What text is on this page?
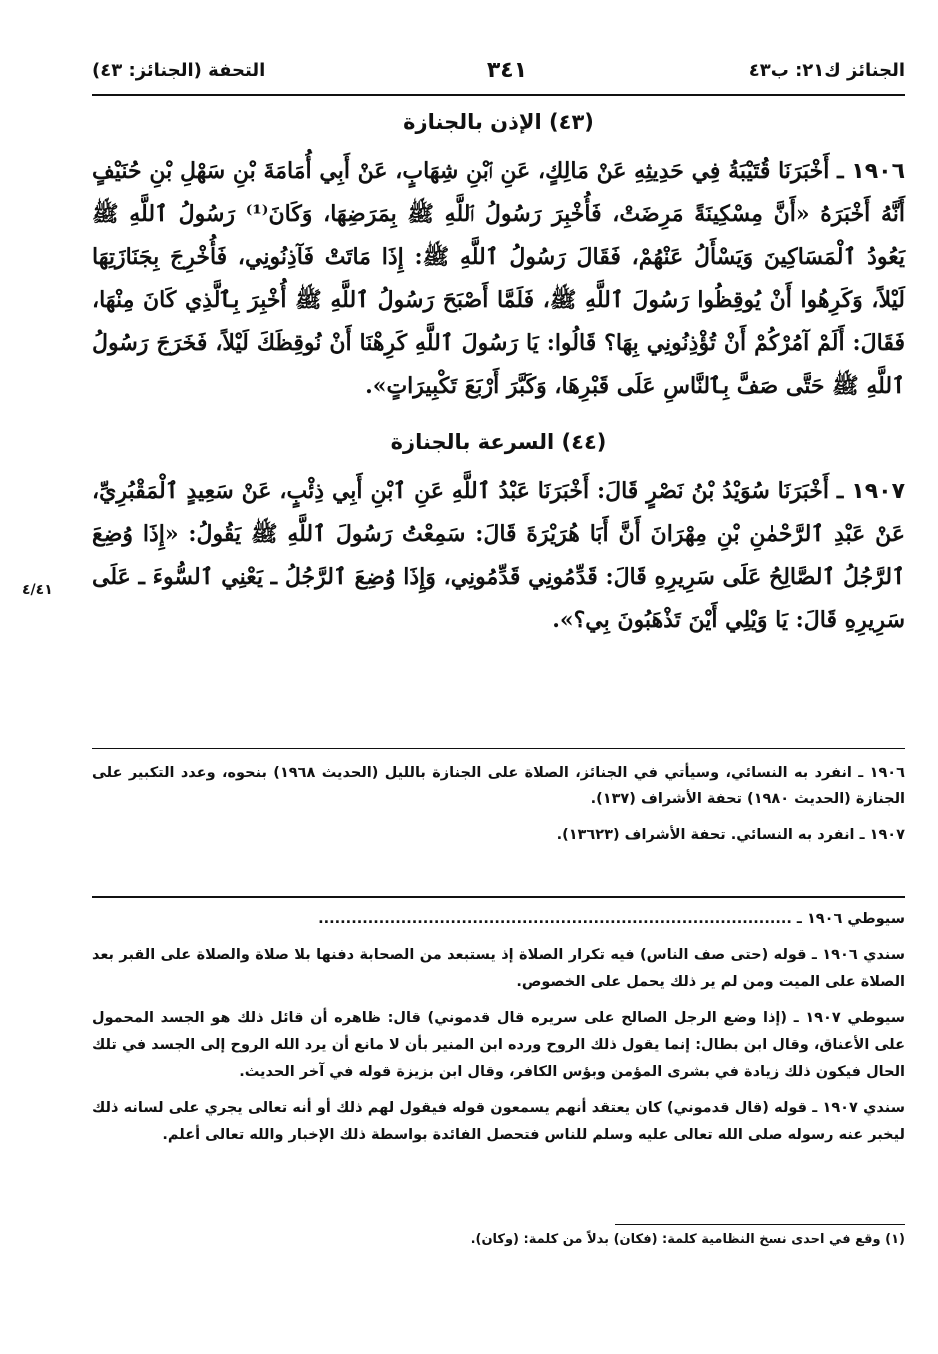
الجنائز ك٢١: ب٤٣
٣٤١
التحفة (الجنائز: ٤٣)
(٤٣) الإذن بالجنازة

١٩٠٦ ـ أَخْبَرَنَا قُتَيْبَةُ فِي حَدِيثِهِ عَنْ مَالِكٍ، عَنِ ٱبْنِ شِهَابٍ، عَنْ أَبِي أُمَامَةَ بْنِ سَهْلِ بْنِ حُنَيْفٍ أَنَّهُ أَخْبَرَهُ «أَنَّ مِسْكِينَةً مَرِضَتْ، فَأُخْبِرَ رَسُولُ ٱللَّهِ ﷺ بِمَرَضِهَا، وَكَانَ⁽¹⁾ رَسُولُ ٱللَّهِ ﷺ يَعُودُ ٱلْمَسَاكِينَ وَيَسْأَلُ عَنْهُمْ، فَقَالَ رَسُولُ ٱللَّهِ ﷺ: إِذَا مَاتَتْ فَآذِنُونِي، فَأُخْرِجَ بِجَنَازَتِهَا لَيْلاً، وَكَرِهُوا أَنْ يُوقِظُوا رَسُولَ ٱللَّهِ ﷺ، فَلَمَّا أَصْبَحَ رَسُولُ ٱللَّهِ ﷺ أُخْبِرَ بِٱلَّذِي كَانَ مِنْهَا، فَقَالَ: أَلَمْ آمُرْكُمْ أَنْ تُؤْذِنُونِي بِهَا؟ قَالُوا: يَا رَسُولَ ٱللَّهِ كَرِهْنَا أَنْ نُوقِظَكَ لَيْلاً، فَخَرَجَ رَسُولُ ٱللَّهِ ﷺ حَتَّى صَفَّ بِٱلنَّاسِ عَلَى قَبْرِهَا، وَكَبَّرَ أَرْبَعَ تَكْبِيرَاتٍ».

(٤٤) السرعة بالجنازة

١٩٠٧ ـ أَخْبَرَنَا سُوَيْدُ بْنُ نَصْرٍ قَالَ: أَخْبَرَنَا عَبْدُ ٱللَّهِ عَنِ ٱبْنِ أَبِي ذِئْبٍ، عَنْ سَعِيدٍ ٱلْمَقْبُرِيِّ، عَنْ عَبْدِ ٱلرَّحْمٰنِ بْنِ مِهْرَانَ أَنَّ أَبَا هُرَيْرَةَ قَالَ: سَمِعْتُ رَسُولَ ٱللَّهِ ﷺ يَقُولُ: «إِذَا وُضِعَ ٱلرَّجُلُ ٱلصَّالِحُ عَلَى سَرِيرِهِ قَالَ: قَدِّمُونِي قَدِّمُونِي، وَإِذَا وُضِعَ ٱلرَّجُلُ ـ يَعْنِي ٱلسُّوءَ ـ عَلَى سَرِيرِهِ قَالَ: يَا وَيْلِي أَيْنَ تَذْهَبُونَ بِي؟».

٤/٤١

١٩٠٦ ـ انفرد به النسائي، وسيأتي في الجنائز، الصلاة على الجنازة بالليل (الحديث ١٩٦٨) بنحوه، وعدد التكبير على الجنازة (الحديث ١٩٨٠) تحفة الأشراف (١٣٧).

١٩٠٧ ـ انفرد به النسائي. تحفة الأشراف (١٣٦٢٣).

سيوطي ١٩٠٦ ـ ......................................................................................

سندي ١٩٠٦ ـ قوله (حتى صف الناس) فيه تكرار الصلاة إذ يستبعد من الصحابة دفنها بلا صلاة والصلاة على القبر بعد الصلاة على الميت ومن لم ير ذلك يحمل على الخصوص.

سيوطي ١٩٠٧ ـ (إذا وضع الرجل الصالح على سريره قال قدموني) قال: ظاهره أن قائل ذلك هو الجسد المحمول على الأعناق، وقال ابن بطال: إنما يقول ذلك الروح ورده ابن المنير بأن لا مانع أن يرد الله الروح إلى الجسد في تلك الحال فيكون ذلك زيادة في بشرى المؤمن وبؤس الكافر، وقال ابن بزيزة قوله في آخر الحديث.

سندي ١٩٠٧ ـ قوله (قال قدموني) كان يعتقد أنهم يسمعون قوله فيقول لهم ذلك أو أنه تعالى يجري على لسانه ذلك ليخبر عنه رسوله صلى الله تعالى عليه وسلم للناس فتحصل الفائدة بواسطة ذلك الإخبار والله تعالى أعلم.

(١) وقع في احدى نسخ النظامية كلمة: (فكان) بدلاً من كلمة: (وكان).
